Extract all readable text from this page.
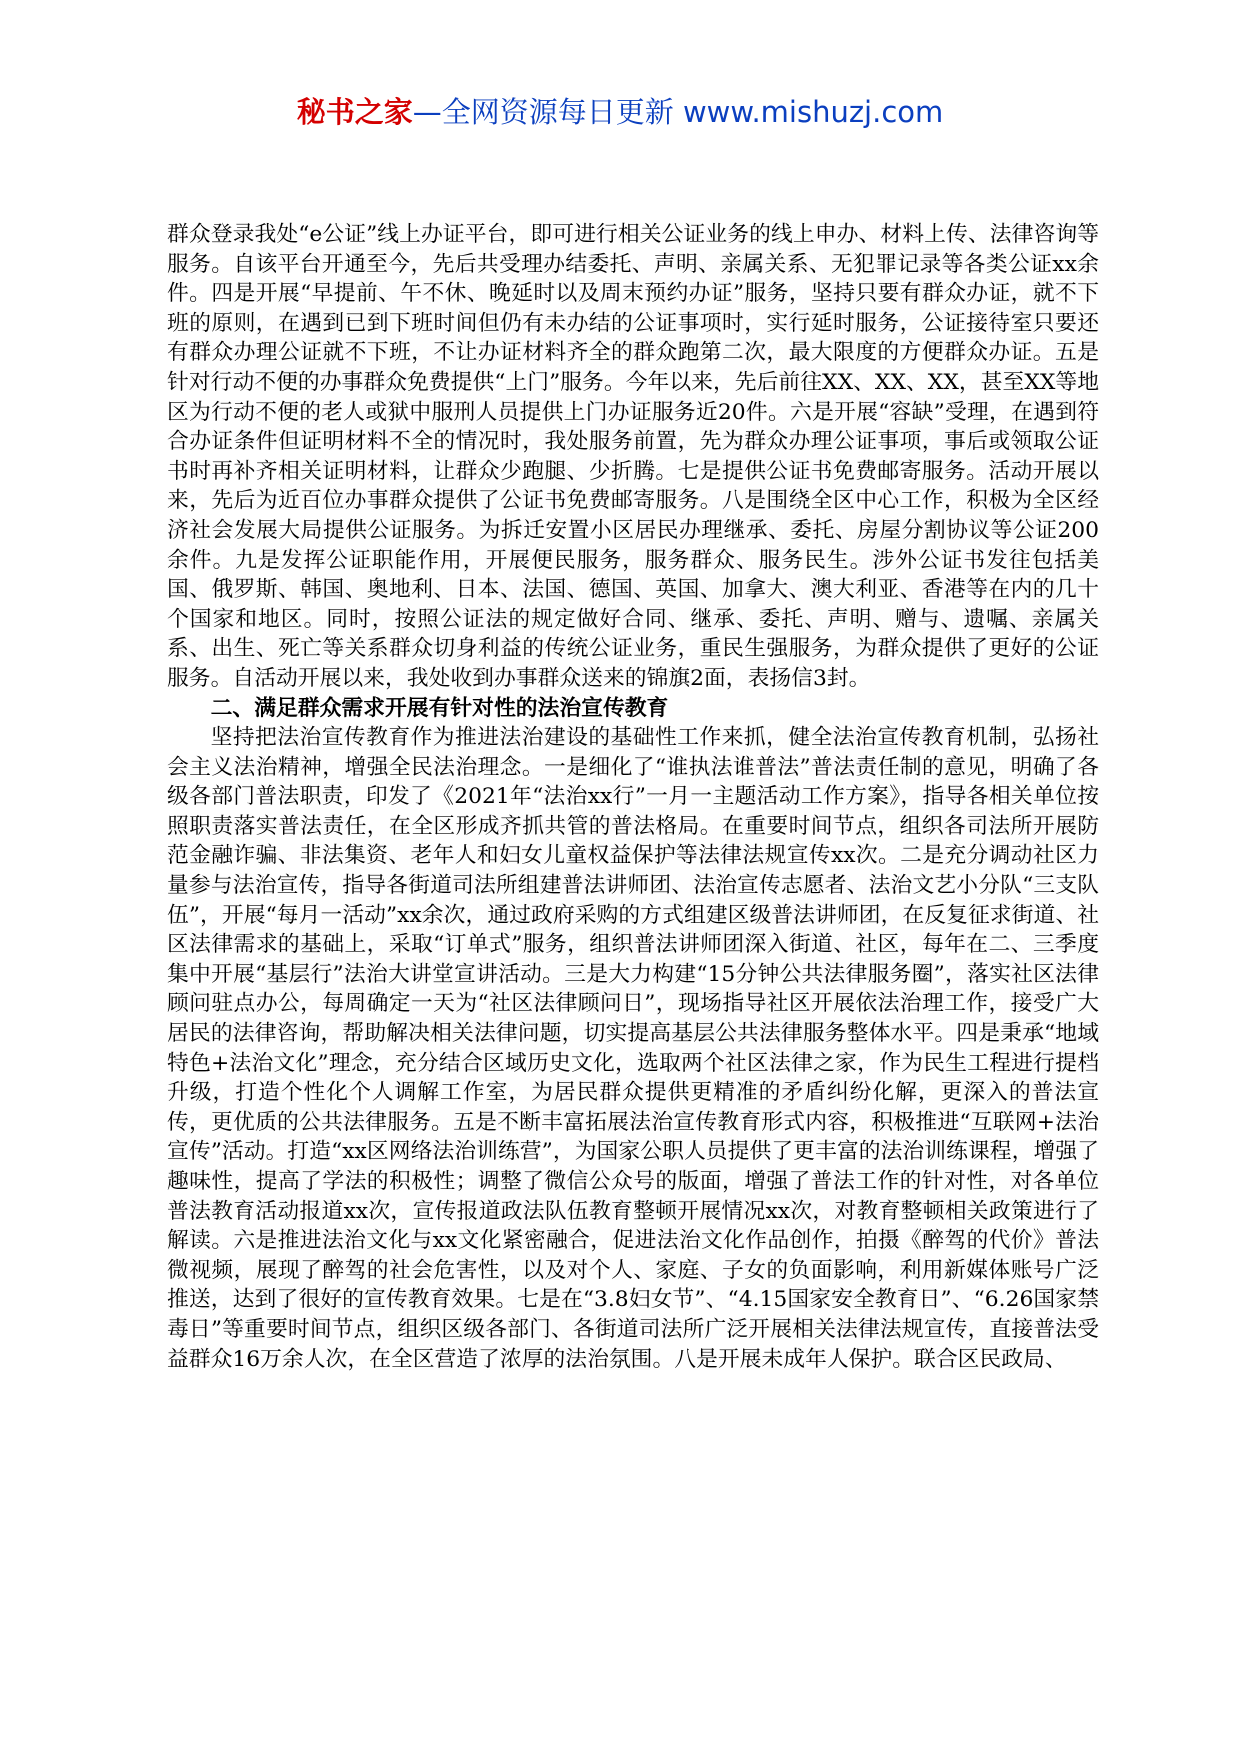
秘书之家—全网资源每日更新 www.mishuzj.com

群众登录我处“e公证”线上办证平台，即可进行相关公证业务的线上申办、材料上传、法律咨询等服务。自该平台开通至今，先后共受理办结委托、声明、亲属关系、无犯罪记录等各类公证xx余件。四是开展“早提前、午不休、晚延时以及周末预约办证”服务，坚持只要有群众办证，就不下班的原则，在遇到已到下班时间但仍有未办结的公证事项时，实行延时服务，公证接待室只要还有群众办理公证就不下班，不让办证材料齐全的群众跑第二次，最大限度的方便群众办证。五是针对行动不便的办事群众免费提供“上门”服务。今年以来，先后前往XX、XX、XX，甚至XX等地区为行动不便的老人或狱中服刑人员提供上门办证服务近20件。六是开展“容缺”受理，在遇到符合办证条件但证明材料不全的情况时，我处服务前置，先为群众办理公证事项，事后或领取公证书时再补齐相关证明材料，让群众少跑腿、少折腾。七是提供公证书免费邮寄服务。活动开展以来，先后为近百位办事群众提供了公证书免费邮寄服务。八是围绕全区中心工作，积极为全区经济社会发展大局提供公证服务。为拆迁安置小区居民办理继承、委托、房屋分割协议等公证200余件。九是发挥公证职能作用，开展便民服务，服务群众、服务民生。涉外公证书发往包括美国、俄罗斯、韩国、奥地利、日本、法国、德国、英国、加拿大、澳大利亚、香港等在内的几十个国家和地区。同时，按照公证法的规定做好合同、继承、委托、声明、赠与、遗嘱、亲属关系、出生、死亡等关系群众切身利益的传统公证业务，重民生强服务，为群众提供了更好的公证服务。自活动开展以来，我处收到办事群众送来的锦旗2面，表扬信3封。

二、满足群众需求开展有针对性的法治宣传教育

坚持把法治宣传教育作为推进法治建设的基础性工作来抓，健全法治宣传教育机制，弘扬社会主义法治精神，增强全民法治理念。一是细化了“谁执法谁普法”普法责任制的意见，明确了各级各部门普法职责，印发了《2021年“法治xx行”一月一主题活动工作方案》，指导各相关单位按照职责落实普法责任，在全区形成齐抓共管的普法格局。在重要时间节点，组织各司法所开展防范金融诈骗、非法集资、老年人和妇女儿童权益保护等法律法规宣传xx次。二是充分调动社区力量参与法治宣传，指导各街道司法所组建普法讲师团、法治宣传志愿者、法治文艺小分队“三支队伍”，开展“每月一活动”xx余次，通过政府采购的方式组建区级普法讲师团，在反复征求街道、社区法律需求的基础上，采取“订单式”服务，组织普法讲师团深入街道、社区，每年在二、三季度集中开展“基层行”法治大讲堂宣讲活动。三是大力构建“15分钟公共法律服务圈”，落实社区法律顾问驻点办公，每周确定一天为“社区法律顾问日”，现场指导社区开展依法治理工作，接受广大居民的法律咨询，帮助解决相关法律问题，切实提高基层公共法律服务整体水平。四是秉承“地域特色+法治文化”理念，充分结合区域历史文化，选取两个社区法律之家，作为民生工程进行提档升级，打造个性化个人调解工作室，为居民群众提供更精准的矛盾纠纷化解，更深入的普法宣传，更优质的公共法律服务。五是不断丰富拓展法治宣传教育形式内容，积极推进“互联网+法治宣传”活动。打造“xx区网络法治训练营”，为国家公职人员提供了更丰富的法治训练课程，增强了趣味性，提高了学法的积极性；调整了微信公众号的版面，增强了普法工作的针对性，对各单位普法教育活动报道xx次，宣传报道政法队伍教育整顿开展情况xx次，对教育整顿相关政策进行了解读。六是推进法治文化与xx文化紧密融合，促进法治文化作品创作，拍摄《醉驾的代价》普法微视频，展现了醉驾的社会危害性，以及对个人、家庭、子女的负面影响，利用新媒体账号广泛推送，达到了很好的宣传教育效果。七是在“3.8妇女节”、“4.15国家安全教育日”、“6.26国家禁毒日”等重要时间节点，组织区级各部门、各街道司法所广泛开展相关法律法规宣传，直接普法受益群众16万余人次，在全区营造了浓厚的法治氛围。八是开展未成年人保护。联合区民政局、
